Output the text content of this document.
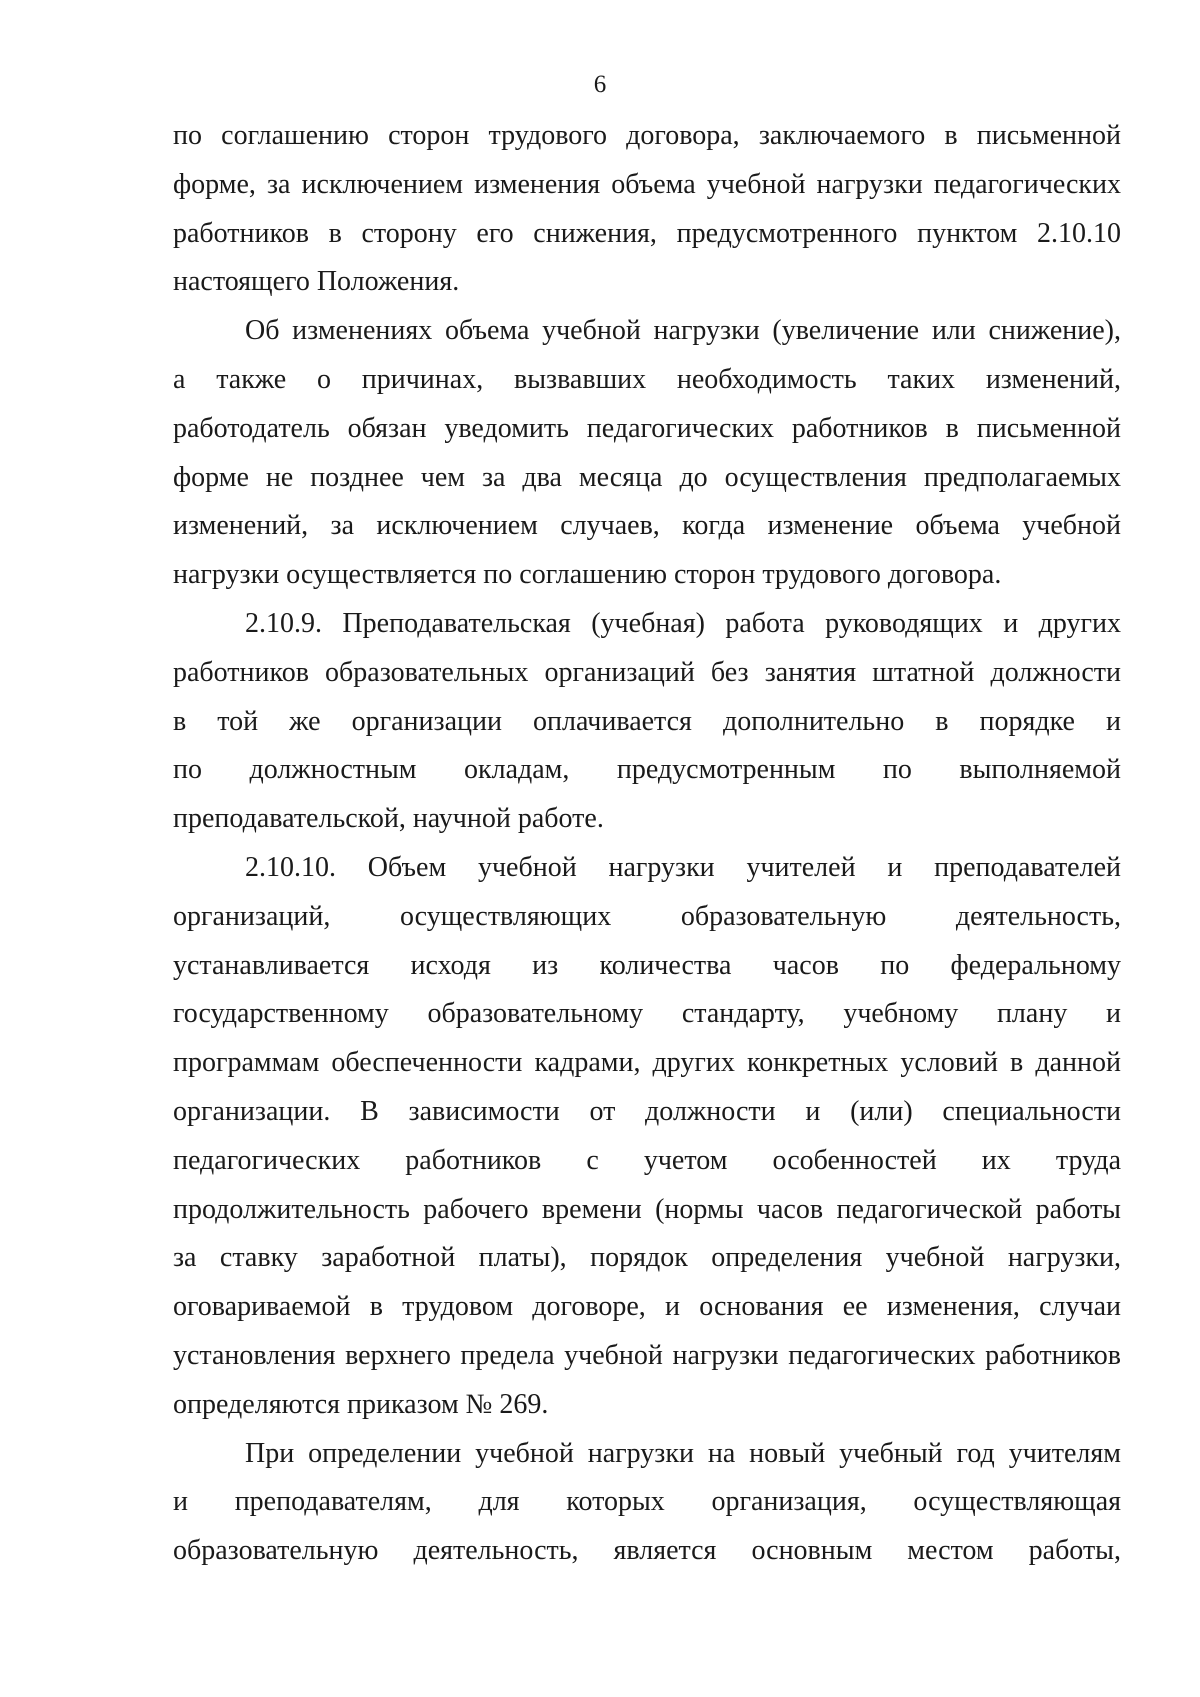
6

по соглашению сторон трудового договора, заключаемого в письменной
форме, за исключением изменения объема учебной нагрузки педагогических
работников в сторону его снижения, предусмотренного пунктом 2.10.10
настоящего Положения.

Об изменениях объема учебной нагрузки (увеличение или снижение),
а также о причинах, вызвавших необходимость таких изменений,
работодатель обязан уведомить педагогических работников в письменной
форме не позднее чем за два месяца до осуществления предполагаемых
изменений, за исключением случаев, когда изменение объема учебной
нагрузки осуществляется по соглашению сторон трудового договора.

2.10.9. Преподавательская (учебная) работа руководящих и других
работников образовательных организаций без занятия штатной должности
в той же организации оплачивается дополнительно в порядке и
по должностным окладам, предусмотренным по выполняемой
преподавательской, научной работе.

2.10.10. Объем учебной нагрузки учителей и преподавателей
организаций, осуществляющих образовательную деятельность,
устанавливается исходя из количества часов по федеральному
государственному образовательному стандарту, учебному плану и
программам обеспеченности кадрами, других конкретных условий в данной
организации. В зависимости от должности и (или) специальности
педагогических работников с учетом особенностей их труда
продолжительность рабочего времени (нормы часов педагогической работы
за ставку заработной платы), порядок определения учебной нагрузки,
оговариваемой в трудовом договоре, и основания ее изменения, случаи
установления верхнего предела учебной нагрузки педагогических работников
определяются приказом № 269.

При определении учебной нагрузки на новый учебный год учителям
и преподавателям, для которых организация, осуществляющая
образовательную деятельность, является основным местом работы,
